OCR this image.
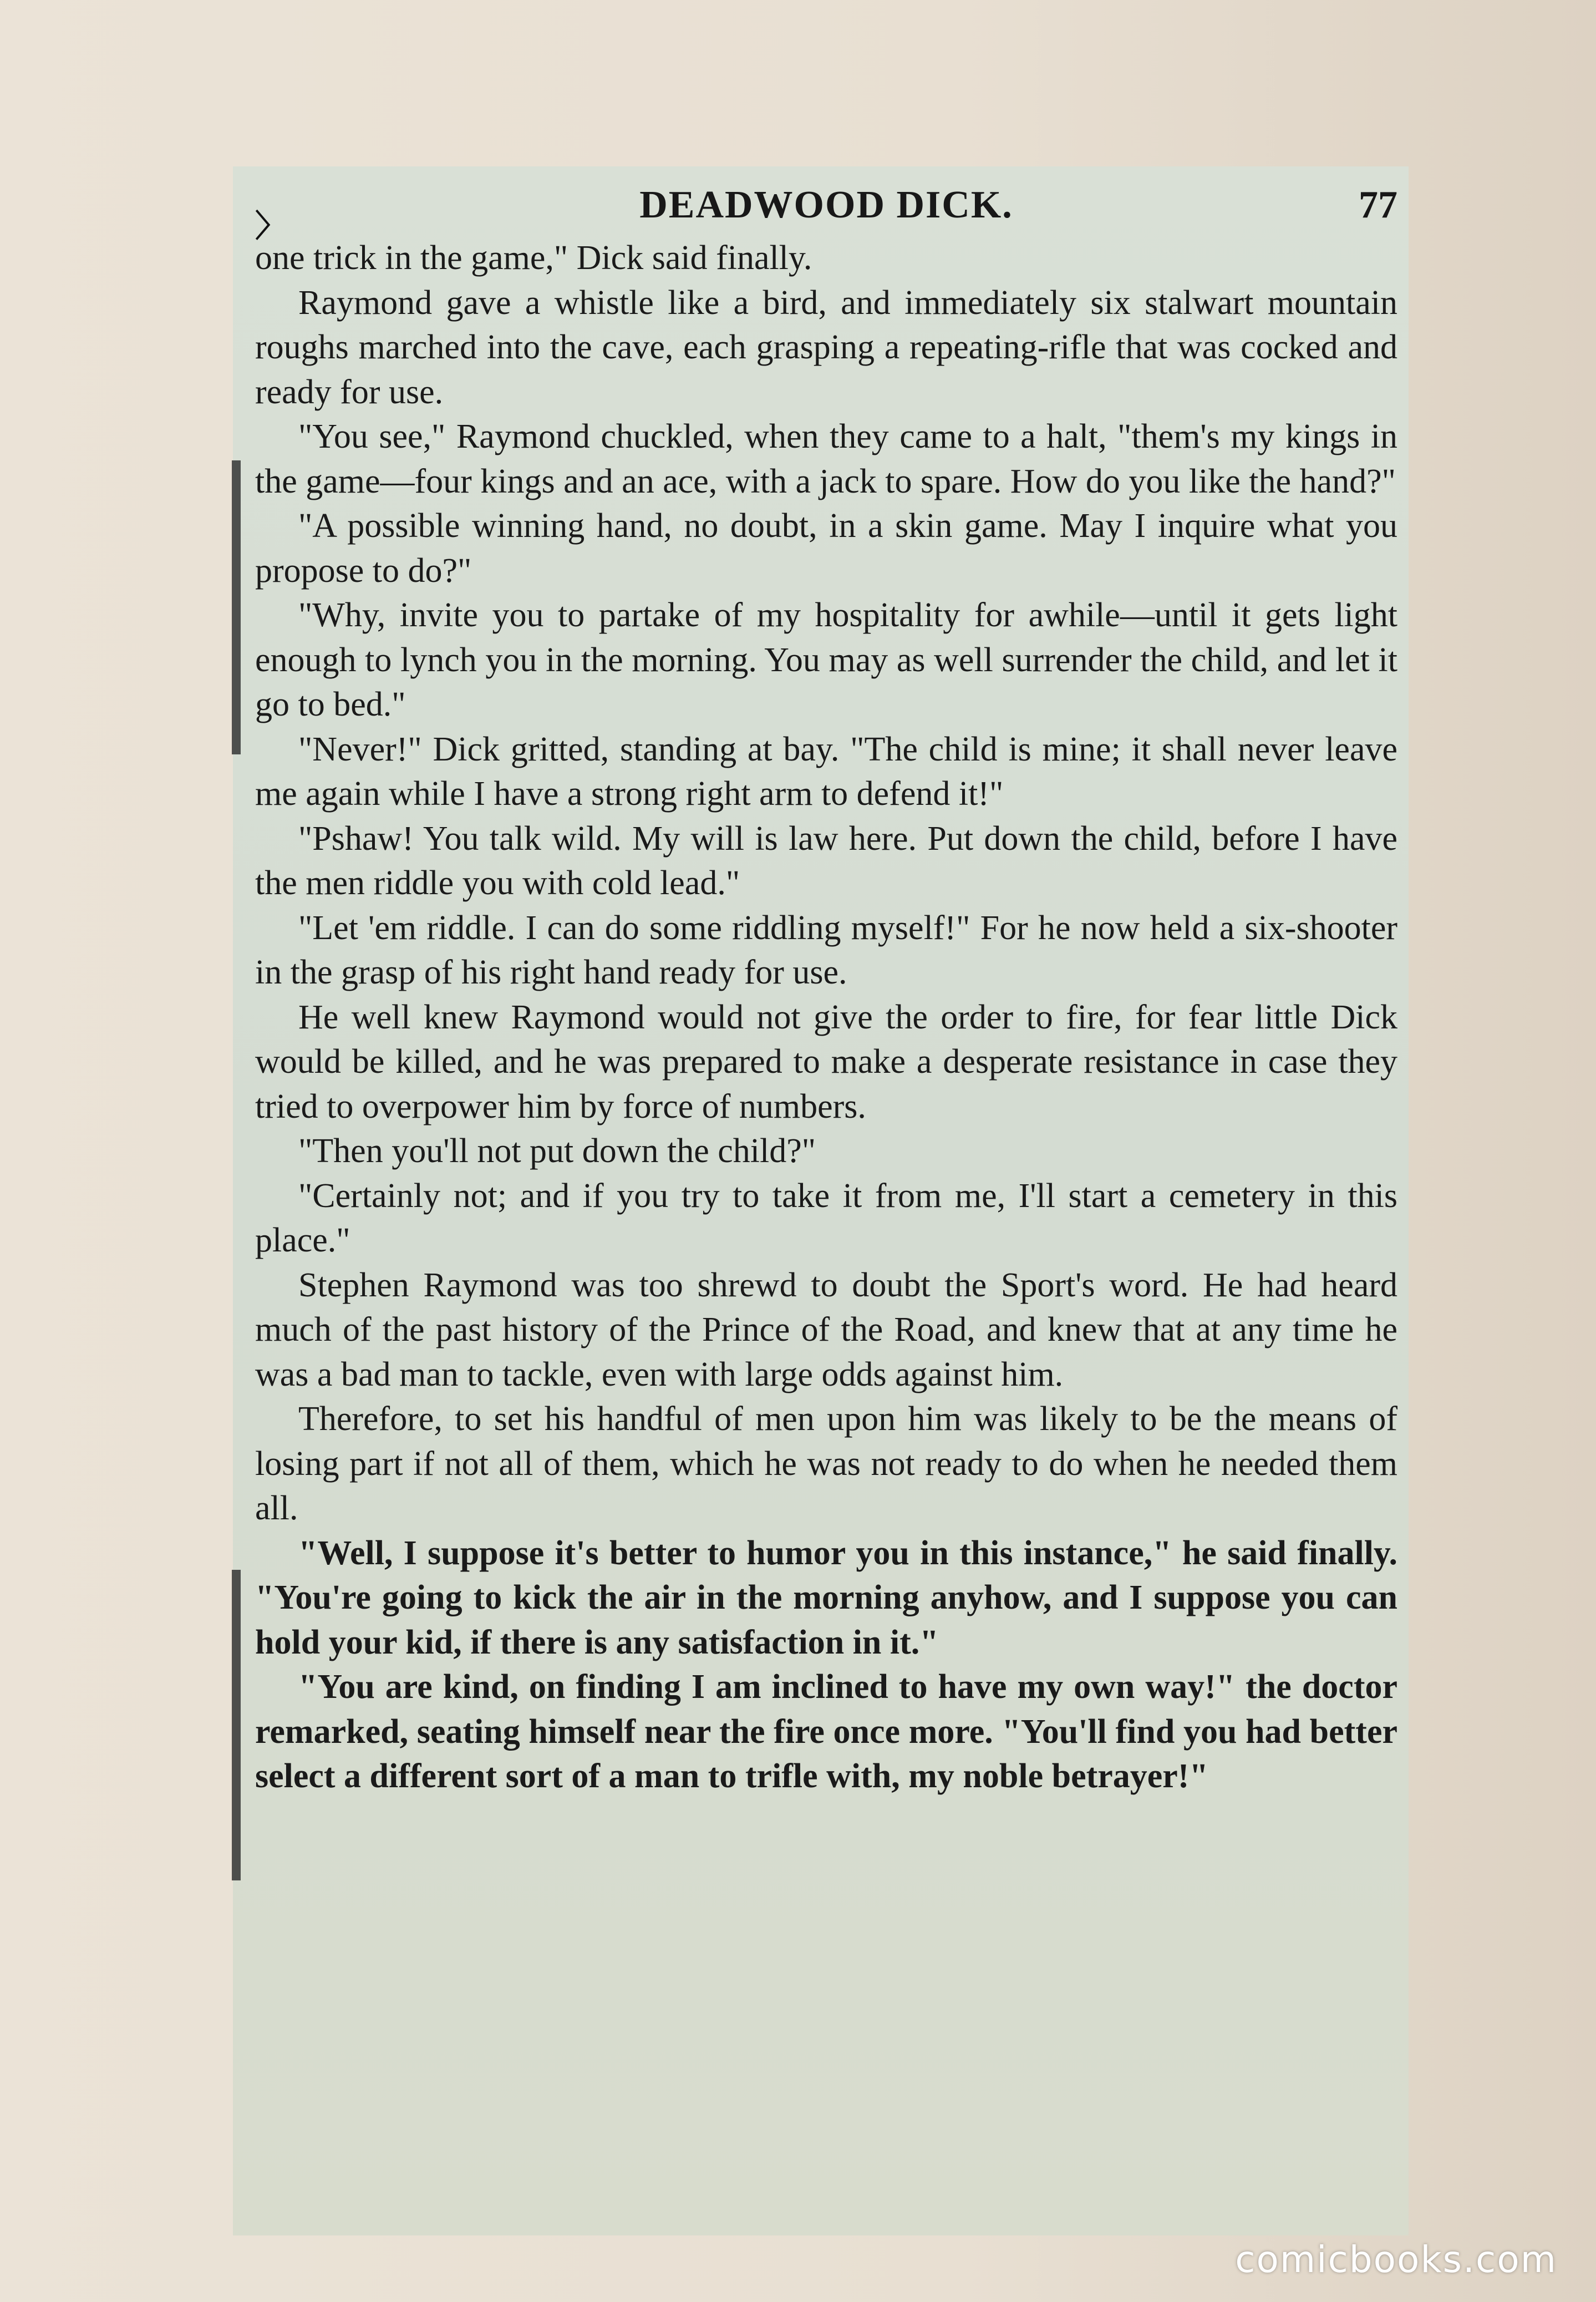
〉	DEADWOOD DICK.	77

one trick in the game," Dick said finally.

Raymond gave a whistle like a bird, and immediately six stalwart mountain roughs marched into the cave, each grasping a repeating-rifle that was cocked and ready for use.

"You see," Raymond chuckled, when they came to a halt, "them's my kings in the game—four kings and an ace, with a jack to spare. How do you like the hand?"

"A possible winning hand, no doubt, in a skin game. May I inquire what you propose to do?"

"Why, invite you to partake of my hospitality for awhile—until it gets light enough to lynch you in the morning. You may as well surrender the child, and let it go to bed."

"Never!" Dick gritted, standing at bay. "The child is mine; it shall never leave me again while I have a strong right arm to defend it!"

"Pshaw! You talk wild. My will is law here. Put down the child, before I have the men riddle you with cold lead."

"Let 'em riddle. I can do some riddling myself!" For he now held a six-shooter in the grasp of his right hand ready for use.

He well knew Raymond would not give the order to fire, for fear little Dick would be killed, and he was prepared to make a desperate resistance in case they tried to overpower him by force of numbers.

"Then you'll not put down the child?"

"Certainly not; and if you try to take it from me, I'll start a cemetery in this place."

Stephen Raymond was too shrewd to doubt the Sport's word. He had heard much of the past history of the Prince of the Road, and knew that at any time he was a bad man to tackle, even with large odds against him.

Therefore, to set his handful of men upon him was likely to be the means of losing part if not all of them, which he was not ready to do when he needed them all.

"Well, I suppose it's better to humor you in this instance," he said finally. "You're going to kick the air in the morning anyhow, and I suppose you can hold your kid, if there is any satisfaction in it."

"You are kind, on finding I am inclined to have my own way!" the doctor remarked, seating himself near the fire once more. "You'll find you had better select a different sort of a man to trifle with, my noble betrayer!"

comicbooks.com
